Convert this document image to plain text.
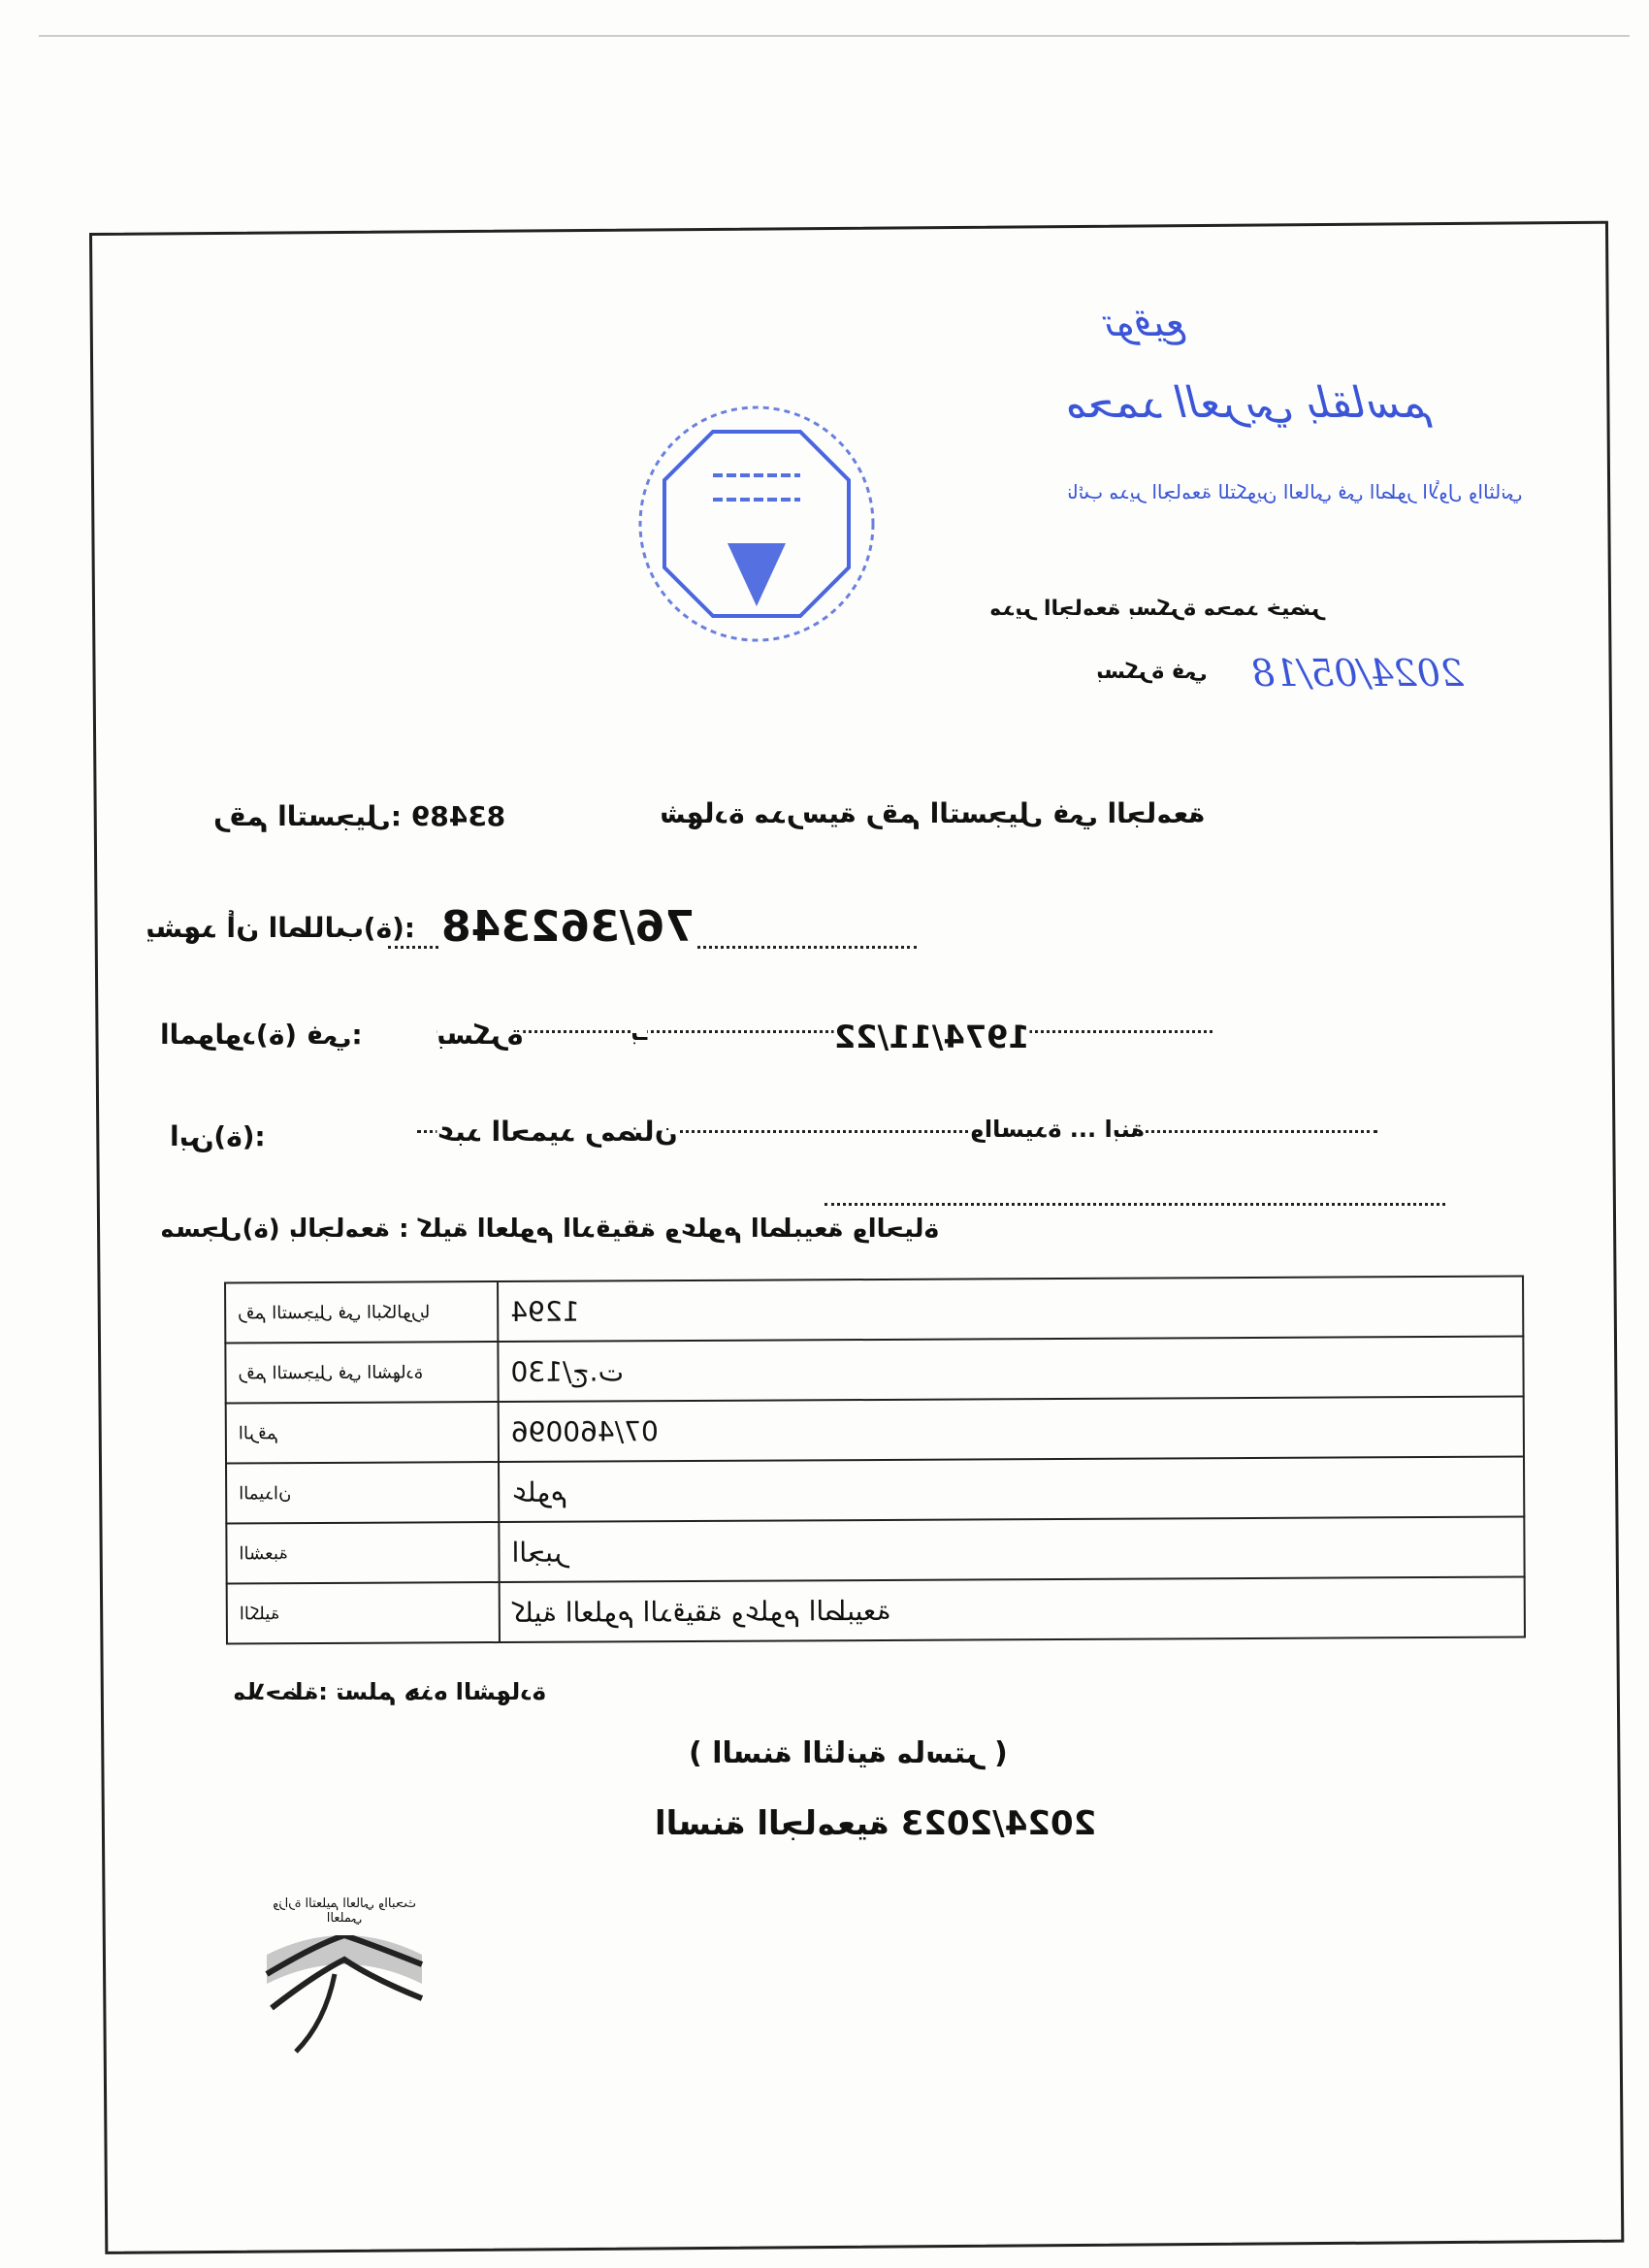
توقيع
محمد العربي بلقاسم
نائب مدير الجامعة للتكوين العالي في الطور الأول والثاني
مدير الجامعة بسكرة محمد خيضر
بسكرة في 2024/05/18
شهادة مدرسية رقم التسجيل في الجامعة
رقم التسجيل: 83489
يشهد أن الطالب(ة): 76/362348
المولود(ة) في:	بسكرة	بـ	1974/11/22
ابن(ة):	عبد الحميد رمضان	والسيدة ... ابنة
مسجل(ة) بالجامعة : كلية العلوم الدقيقة وعلوم الطبيعة والحياة
رقم التسجيل في البكالوريا	1294

رقم التسجيل في الشهادة	130/ج.ت

الرقم	07/460096

الميدان	علوم

الشعبة	الجبر

الكلية	كلية العلوم الدقيقة وعلوم الطبيعة
ملاحظة: تسلم هذه الشهادة
( السنة الثانية ماستر )
السنة الجامعية 2024/2023
وزارة التعليم العالي والبحث العلمي
